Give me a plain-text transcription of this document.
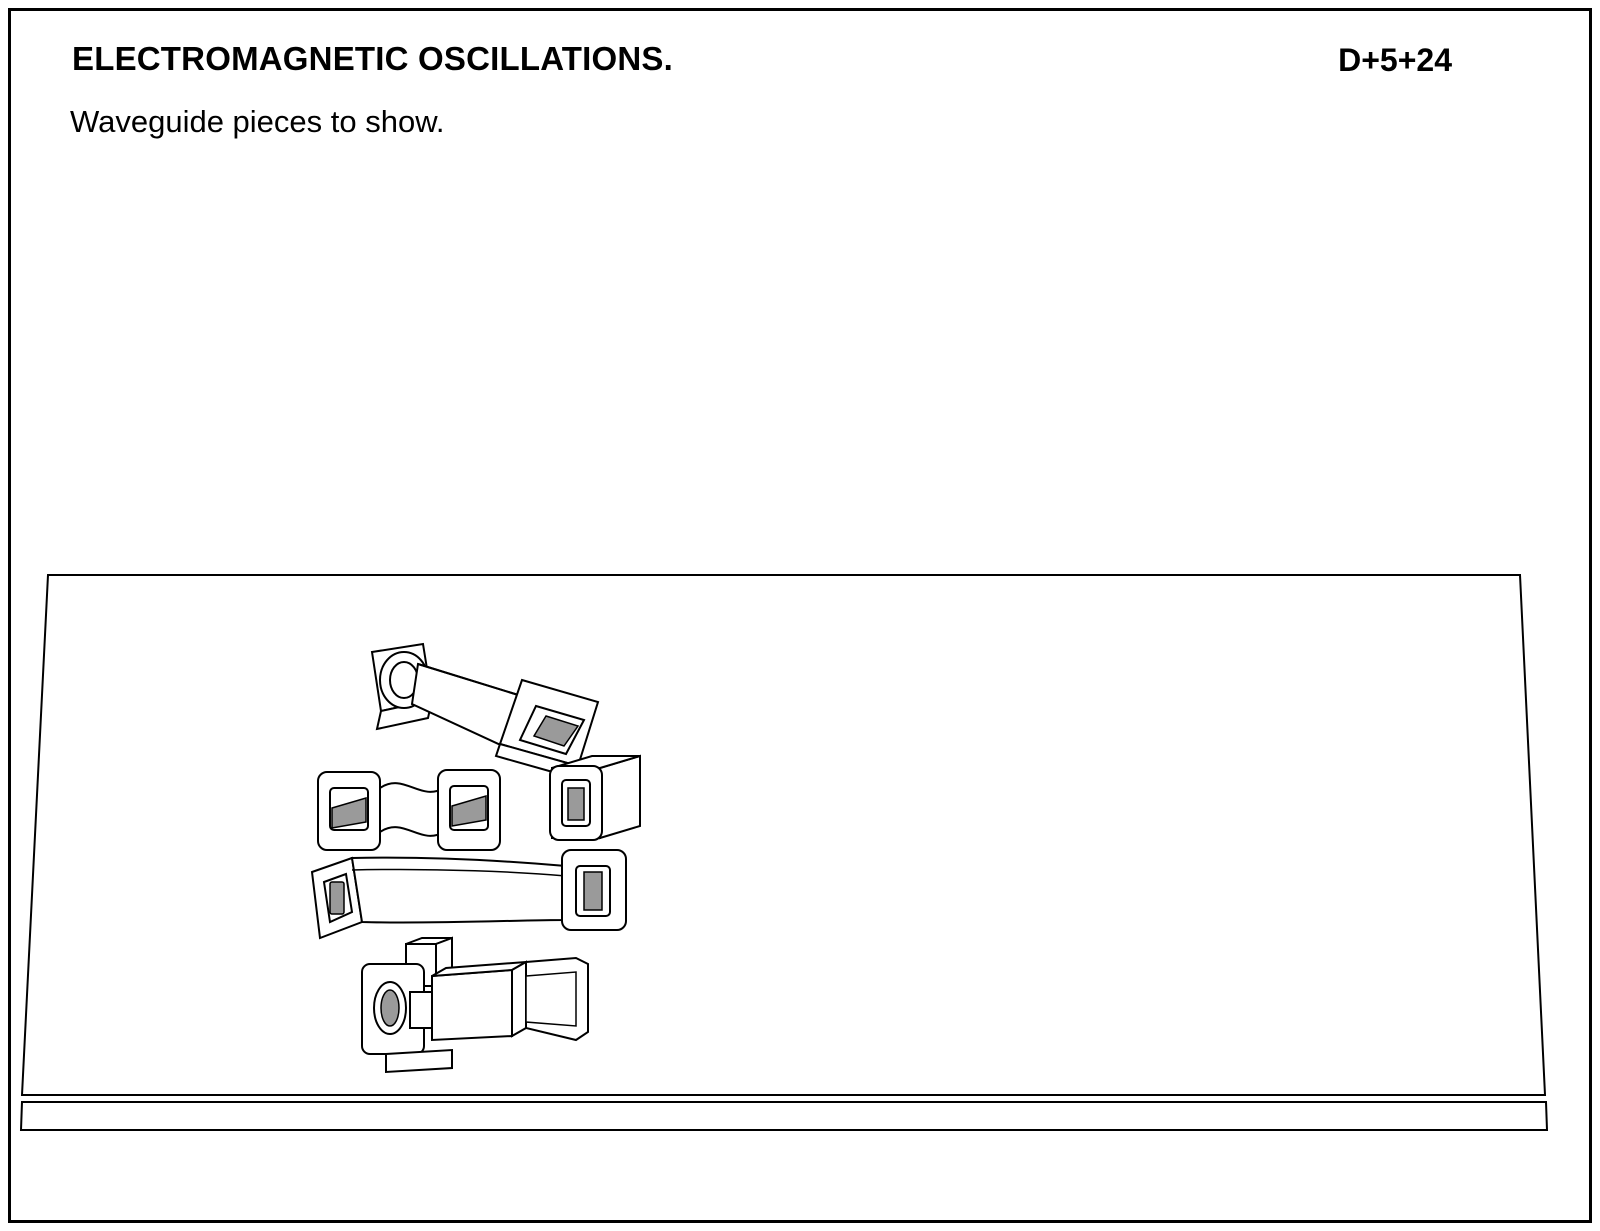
ELECTROMAGNETIC OSCILLATIONS.	D+5+24
Waveguide pieces to show.
